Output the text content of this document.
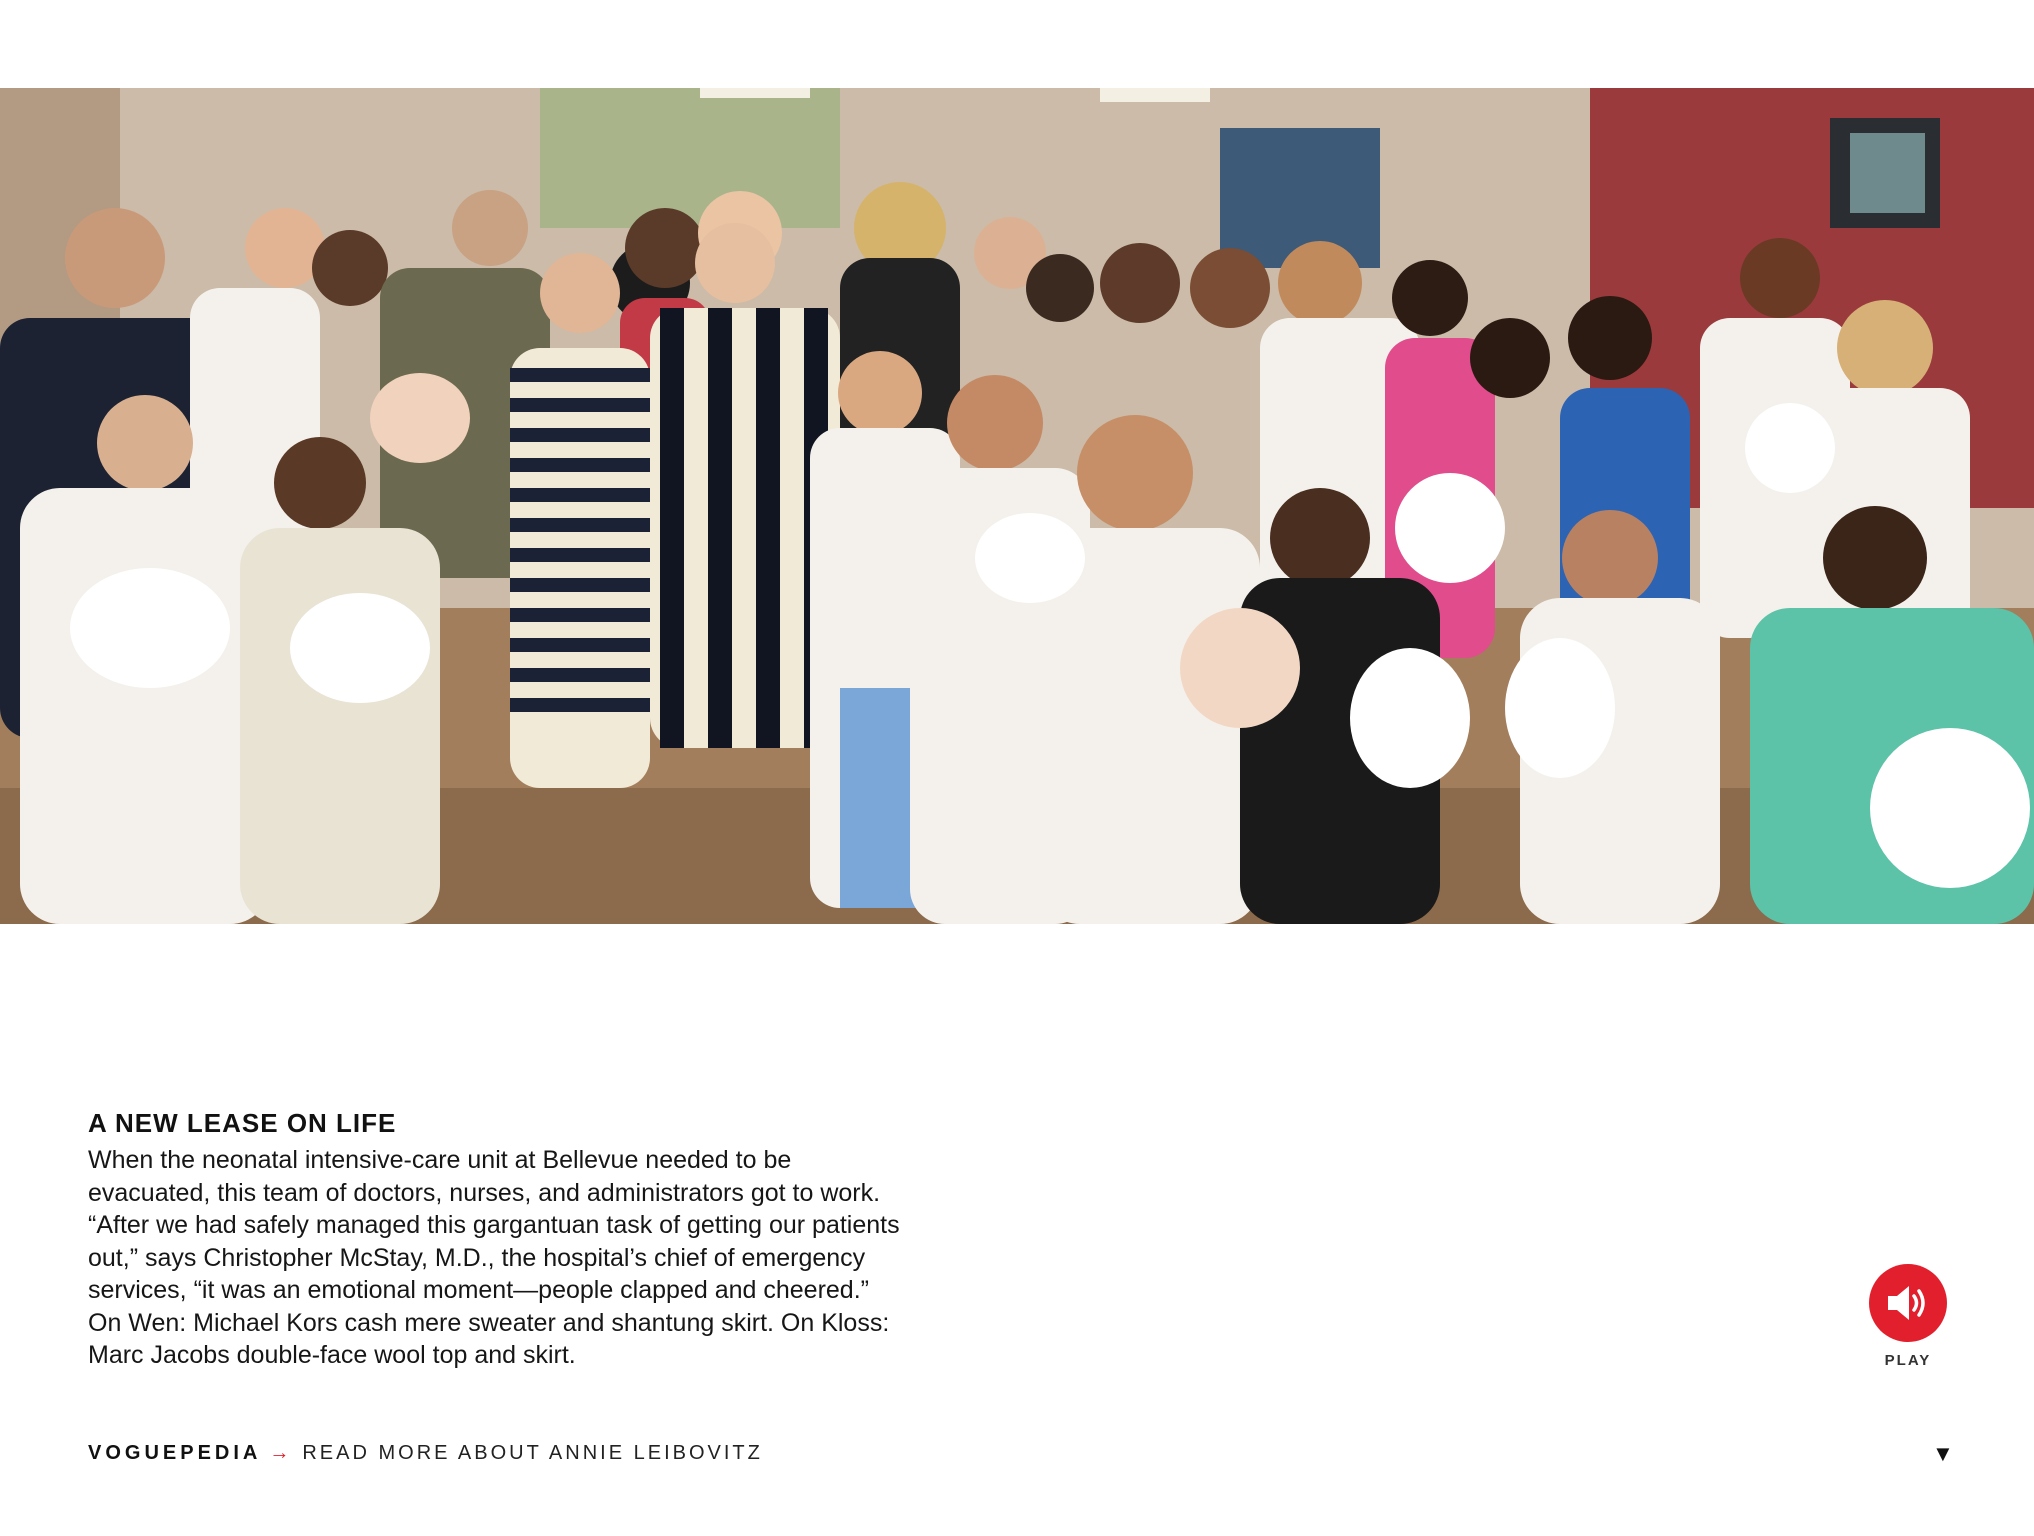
A NEW LEASE ON LIFE

When the neonatal intensive-care unit at Bellevue needed to be evacuated, this team of doctors, nurses, and administrators got to work. “After we had safely managed this gargantuan task of getting our patients out,” says Christopher McStay, M.D., the hospital’s chief of emergency services, “it was an emotional moment—people clapped and cheered.” On Wen: Michael Kors cash mere sweater and shantung skirt. On Kloss: Marc Jacobs double-face wool top and skirt.	PLAY
VOGUEPEDIA → READ MORE ABOUT ANNIE LEIBOVITZ	▼
